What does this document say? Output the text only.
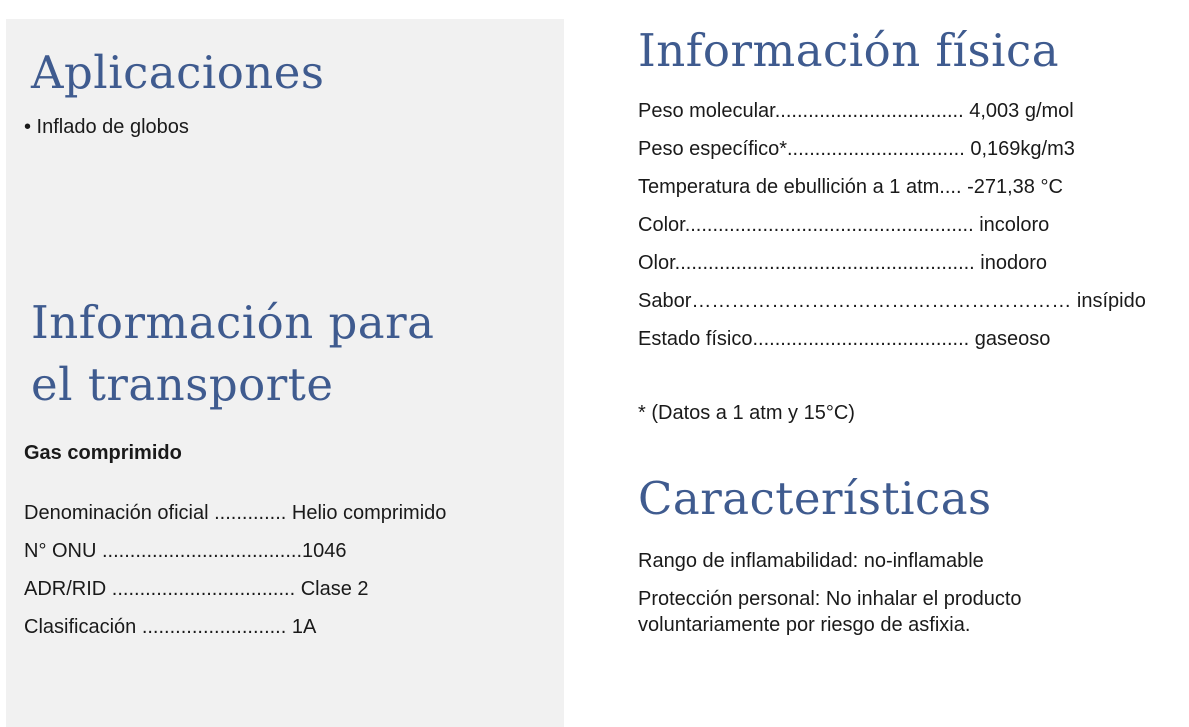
Aplicaciones

• Inflado de globos

Información para
el transporte

Gas comprimido

Denominación oficial ............. Helio comprimido
N° ONU ....................................1046
ADR/RID ................................. Clase 2
Clasificación .......................... 1A
Información física
Peso molecular.................................. 4,003 g/mol
Peso específico*................................ 0,169kg/m3
Temperatura de ebullición a 1 atm.... -271,38 °C
Color.................................................... incoloro
Olor...................................................... inodoro
Sabor………………………………………………… insípido
Estado físico....................................... gaseoso

* (Datos a 1 atm y 15°C)

Características

Rango de inflamabilidad: no-inflamable

Protección personal: No inhalar el producto
voluntariamente por riesgo de asfixia.
